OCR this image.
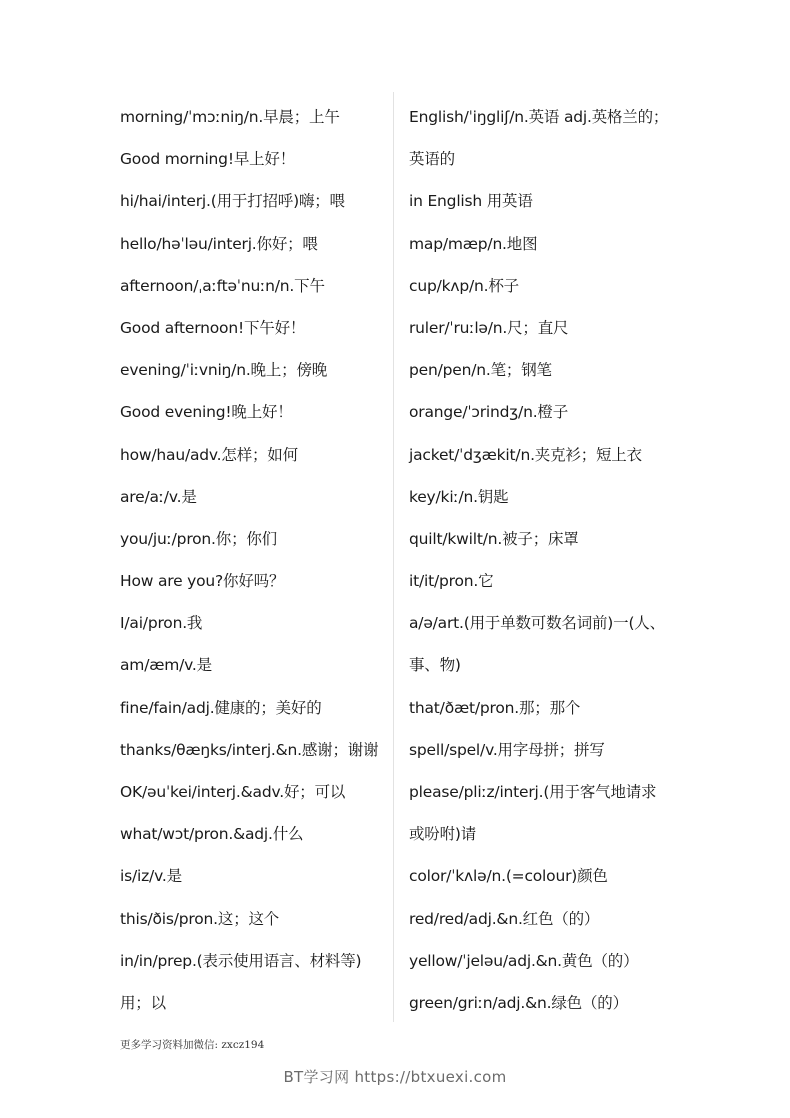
morning/ˈmɔːniŋ/n.早晨；上午
Good morning!早上好！
hi/hai/interj.(用于打招呼)嗨；喂
hello/həˈləu/interj.你好；喂
afternoon/ˌaːftəˈnuːn/n.下午
Good afternoon!下午好！
evening/ˈiːvniŋ/n.晚上；傍晚
Good evening!晚上好！
how/hau/adv.怎样；如何
are/aː/v.是
you/juː/pron.你；你们
How are you?你好吗？
I/ai/pron.我
am/æm/v.是
fine/fain/adj.健康的；美好的
thanks/θæŋks/interj.&n.感谢；谢谢
OK/əuˈkei/interj.&adv.好；可以
what/wɔt/pron.&adj.什么
is/iz/v.是
this/ðis/pron.这；这个
in/in/prep.(表示使用语言、材料等)
用；以
English/ˈiŋgliʃ/n.英语 adj.英格兰的；
英语的
in English 用英语
map/mæp/n.地图
cup/kʌp/n.杯子
ruler/ˈruːlə/n.尺；直尺
pen/pen/n.笔；钢笔
orange/ˈɔrindʒ/n.橙子
jacket/ˈdʒækit/n.夹克衫；短上衣
key/kiː/n.钥匙
quilt/kwilt/n.被子；床罩
it/it/pron.它
a/ə/art.(用于单数可数名词前)一(人、
事、物)
that/ðæt/pron.那；那个
spell/spel/v.用字母拼；拼写
please/pliːz/interj.(用于客气地请求
或吩咐)请
color/ˈkʌlə/n.(=colour)颜色
red/red/adj.&n.红色（的）
yellow/ˈjeləu/adj.&n.黄色（的）
green/griːn/adj.&n.绿色（的）
更多学习资料加微信: zxcz194
BT学习网 https://btxuexi.com
